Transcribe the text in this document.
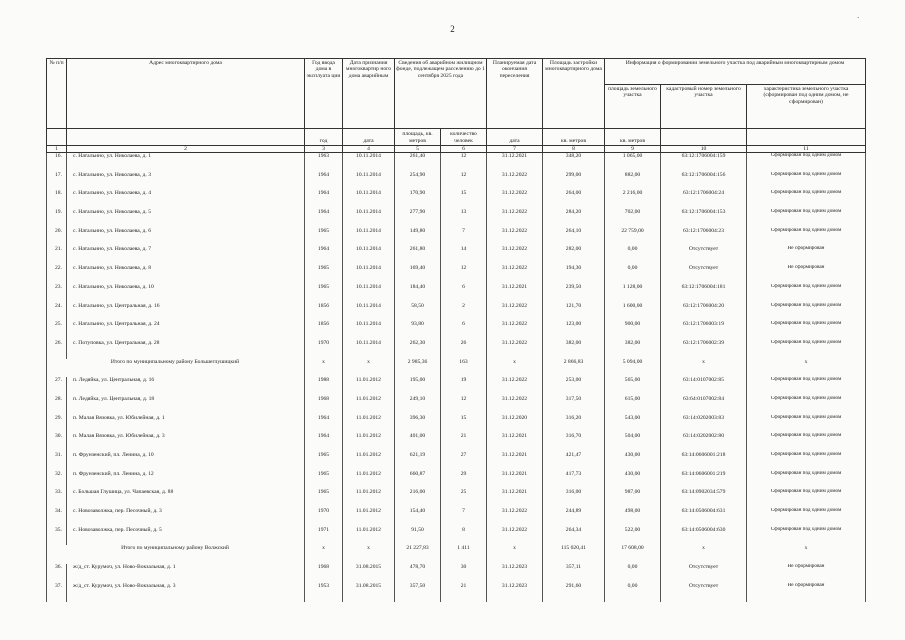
·
2
№ п/п	Адрес многоквартирного дома	Год ввода дома в эксплуата ции	Дата признания многоквартир ного дома аварийным	Сведения об аварийном жилищном фонде, подлежащем расселению до 1 сентября 2025 года		Планируемая дата окончания переселения	Площадь застройки многоквартирного дома	Информация о формировании земельного участка под аварийным многоквартирным домом		
								площадь земельного участка	кадастровый номер земельного участка	характеристика земельного участка (сформирован под одним домом, не сформирован)
		год	дата	площадь, кв. метров	количество человек	дата	кв. метров	кв. метров		
1	2	3	4	5	6	7	8	9	10	11
16.	с. Натальино, ул. Николаева, д. 1	1963	10.11.2014	261,40	12	31.12.2021	348,20	1 065,00	63:12:1706004:159	Сформирован под одним домом
17.	с. Натальино, ул. Николаева, д. 3	1964	10.11.2014	254,90	12	31.12.2022	299,00	882,00	63:12:1706004:156	Сформирован под одним домом
18.	с. Натальино, ул. Николаева, д. 4	1964	10.11.2014	170,90	15	31.12.2022	264,00	2 216,00	63:12:1706004:24	Сформирован под одним домом
19.	с. Натальино, ул. Николаева, д. 5	1964	10.11.2014	277,90	13	31.12.2022	284,20	702,00	63:12:1706004:153	Сформирован под одним домом
20.	с. Натальино, ул. Николаева, д. 6	1965	10.11.2014	149,80	7	31.12.2022	264,10	22 759,00	63:12:1706004:23	Сформирован под одним домом
21.	с. Натальино, ул. Николаева, д. 7	1964	10.11.2014	261,80	14	31.12.2022	282,00	0,00	Отсутствует	Не сформирован
22.	с. Натальино, ул. Николаева, д. 8	1965	10.11.2014	169,40	12	31.12.2022	194,30	0,00	Отсутствует	Не сформирован
23.	с. Натальино, ул. Николаева, д. 10	1965	10.11.2014	184,40	6	31.12.2021	239,50	1 128,00	63:12:1706004:181	Сформирован под одним домом
24.	с. Натальино, ул. Центральная, д. 16	1856	10.11.2014	58,50	2	31.12.2022	121,70	1 600,00	63:12:1706004:20	Сформирован под одним домом
25.	с. Натальино, ул. Центральная, д. 24	1856	10.11.2014	93,80	6	31.12.2022	123,00	900,00	63:12:1706003:19	Сформирован под одним домом
26.	с. Потуповка, ул. Центральная, д. 28	1970	10.11.2014	262,30	26	31.12.2022	382,00	382,00	63:12:1706002:39	Сформирован под одним домом
Итого по муниципальному району Большеглушицкий		х	х	2 985,36	163	х	2 866,83	5 094,00	х	х
27.	п. Ледяйка, ул. Центральная, д. 16	1988	11.01.2012	195,00	19	31.12.2022	253,00	565,00	63:14:0107002:85	Сформирован под одним домом
28.	п. Ледяйка, ул. Центральная, д. 18	1968	11.01.2012	249,10	12	31.12.2022	317,50	615,00	63:64:0107002:84	Сформирован под одним домом
29.	п. Малая Вязовка, ул. Юбилейная, д. 1	1964	11.01.2012	396,30	15	31.12.2020	316,20	543,00	63:14:0202003:83	Сформирован под одним домом
30.	п. Малая Вязовка, ул. Юбилейная, д. 3	1964	11.01.2012	401,00	21	31.12.2021	316,70	504,00	63:14:0202002:80	Сформирован под одним домом
31.	п. Фрунзенский, пл. Ленина, д. 10	1965	11.01.2012	621,19	27	31.12.2021	421,47	430,00	63:14:0606001:218	Сформирован под одним домом
32.	п. Фрунзенский, пл. Ленина, д. 12	1965	11.01.2012	660,87	29	31.12.2021	417,73	430,00	63:14:0606001:219	Сформирован под одним домом
33.	с. Большая Глушица, ул. Чапаевская, д. 88	1965	11.01.2012	216,00	25	31.12.2021	316,00	987,00	63:14:0902034:579	Сформирован под одним домом
34.	с. Новозаволжка, пер. Песочный, д. 3	1970	11.01.2012	154,40	7	31.12.2022	244,89	498,00	63:14:0506004:631	Сформирован под одним домом
35.	с. Новозаволжка, пер. Песочный, д. 5	1971	11.01.2012	91,50	8	31.12.2022	264,34	522,00	63:14:0506004:630	Сформирован под одним домом
Итого по муниципальному району Волжский		х	х	21 227,83	1 411	х	115 020,41	17 608,00	х	х
36.	ж/д_ст. Курумоч, ул. Ново-Вокзальная, д. 1	1968	31.08.2015	478,70	30	31.12.2023	357,11	0,00	Отсутствует	Не сформирован
37.	ж/д_ст. Курумоч, ул. Ново-Вокзальная, д. 3	1953	31.08.2015	357,50	21	31.12.2023	291,60	0,00	Отсутствует	Не сформирован
